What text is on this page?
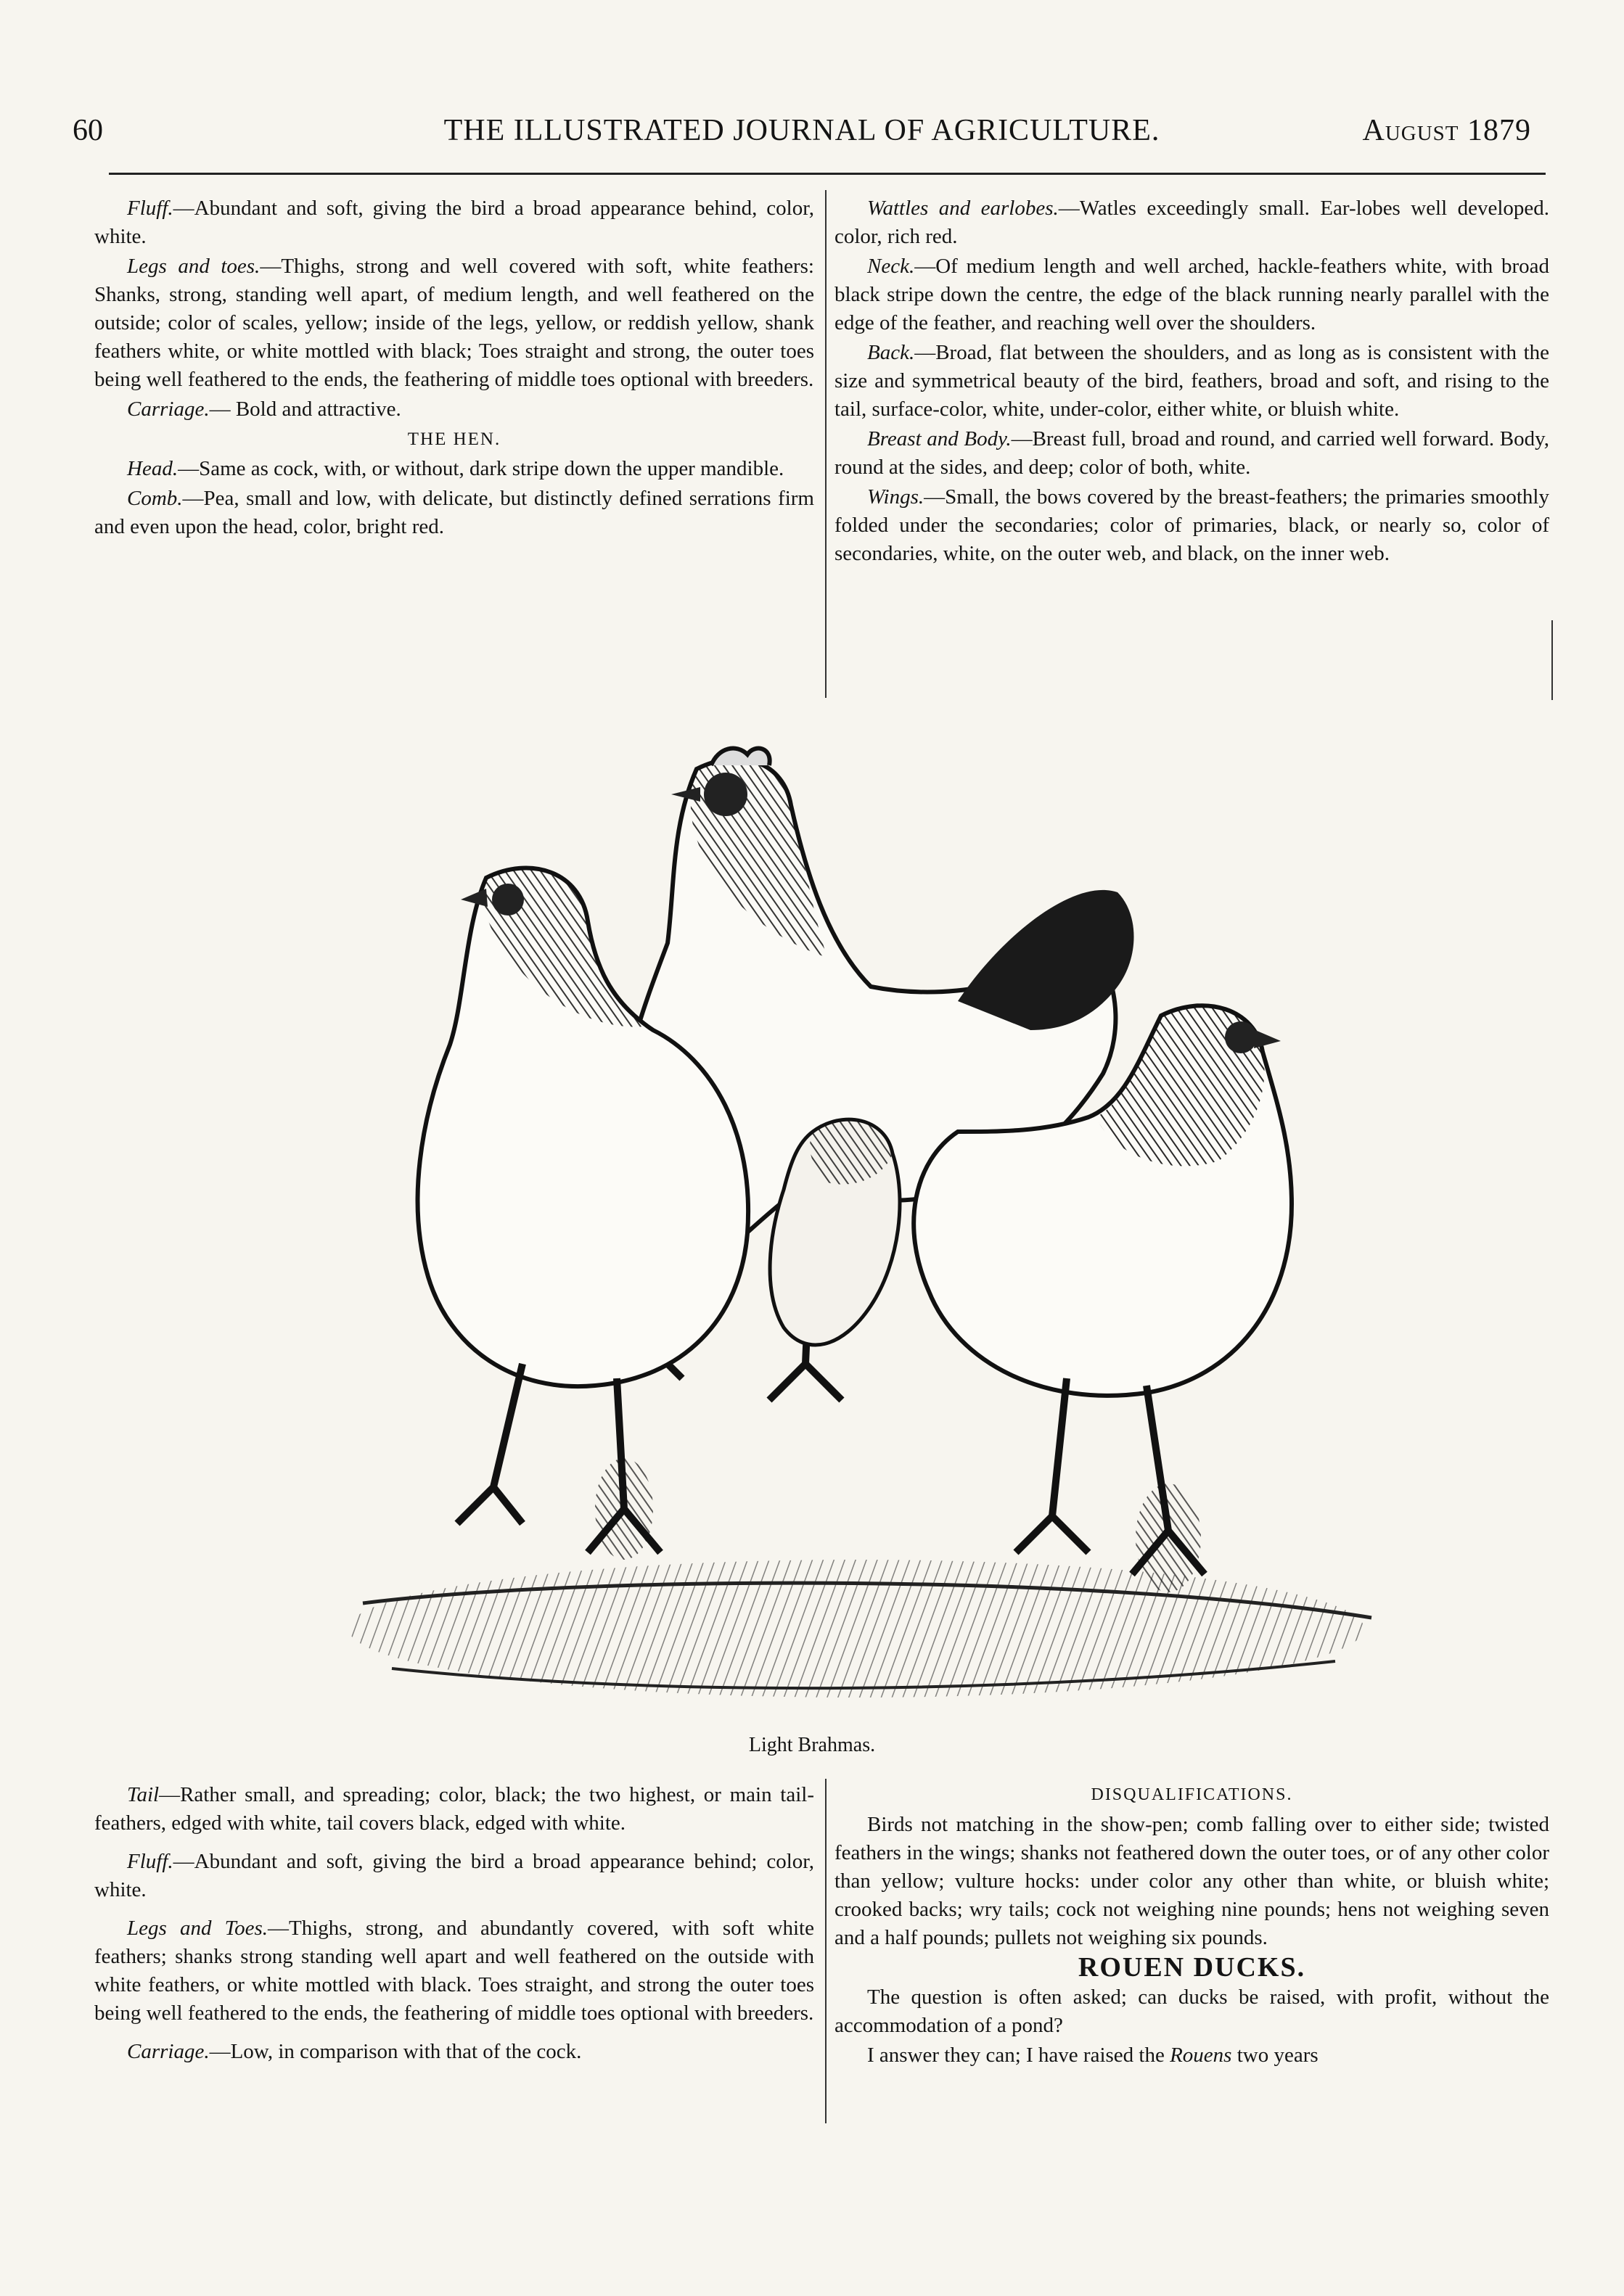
60	THE ILLUSTRATED JOURNAL OF AGRICULTURE.	August 1879

Fluff.—Abundant and soft, giving the bird a broad appearance behind, color, white.

Legs and toes.—Thighs, strong and well covered with soft, white feathers: Shanks, strong, standing well apart, of medium length, and well feathered on the outside; color of scales, yellow; inside of the legs, yellow, or reddish yellow, shank feathers white, or white mottled with black; Toes straight and strong, the outer toes being well feathered to the ends, the feathering of middle toes optional with breeders.

Carriage.— Bold and attractive.

THE HEN.

Head.—Same as cock, with, or without, dark stripe down the upper mandible.

Comb.—Pea, small and low, with delicate, but distinctly defined serrations firm and even upon the head, color, bright red.

Wattles and earlobes.—Watles exceedingly small. Ear-lobes well developed. color, rich red.

Neck.—Of medium length and well arched, hackle-feathers white, with broad black stripe down the centre, the edge of the black running nearly parallel with the edge of the feather, and reaching well over the shoulders.

Back.—Broad, flat between the shoulders, and as long as is consistent with the size and symmetrical beauty of the bird, feathers, broad and soft, and rising to the tail, surface-color, white, under-color, either white, or bluish white.

Breast and Body.—Breast full, broad and round, and carried well forward. Body, round at the sides, and deep; color of both, white.

Wings.—Small, the bows covered by the breast-feathers; the primaries smoothly folded under the secondaries; color of primaries, black, or nearly so, color of secondaries, white, on the outer web, and black, on the inner web.

Light Brahmas.

Tail—Rather small, and spreading; color, black; the two highest, or main tail-feathers, edged with white, tail covers black, edged with white.

Fluff.—Abundant and soft, giving the bird a broad appearance behind; color, white.

Legs and Toes.—Thighs, strong, and abundantly covered, with soft white feathers; shanks strong standing well apart and well feathered on the outside with white feathers, or white mottled with black. Toes straight, and strong the outer toes being well feathered to the ends, the feathering of middle toes optional with breeders.

Carriage.—Low, in comparison with that of the cock.

DISQUALIFICATIONS.

Birds not matching in the show-pen; comb falling over to either side; twisted feathers in the wings; shanks not feathered down the outer toes, or of any other color than yellow; vulture hocks: under color any other than white, or bluish white; crooked backs; wry tails; cock not weighing nine pounds; hens not weighing seven and a half pounds; pullets not weighing six pounds.

ROUEN DUCKS.

The question is often asked; can ducks be raised, with profit, without the accommodation of a pond?

I answer they can; I have raised the Rouens two years
